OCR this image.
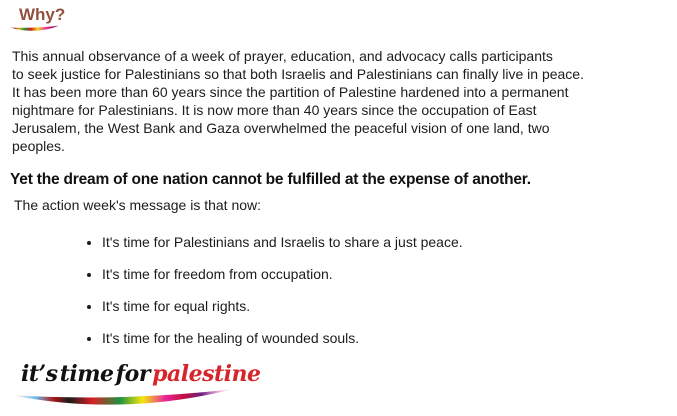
Why?
This annual observance of a week of prayer, education, and advocacy calls participants
to seek justice for Palestinians so that both Israelis and Palestinians can finally live in peace.
It has been more than 60 years since the partition of Palestine hardened into a permanent
nightmare for Palestinians. It is now more than 40 years since the occupation of East
Jerusalem, the West Bank and Gaza overwhelmed the peaceful vision of one land, two
peoples.

Yet the dream of one nation cannot be fulfilled at the expense of another.

The action week's message is that now:

• It's time for Palestinians and Israelis to share a just peace.
• It's time for freedom from occupation.
• It's time for equal rights.
• It's time for the healing of wounded souls.
it’s time for palestine
